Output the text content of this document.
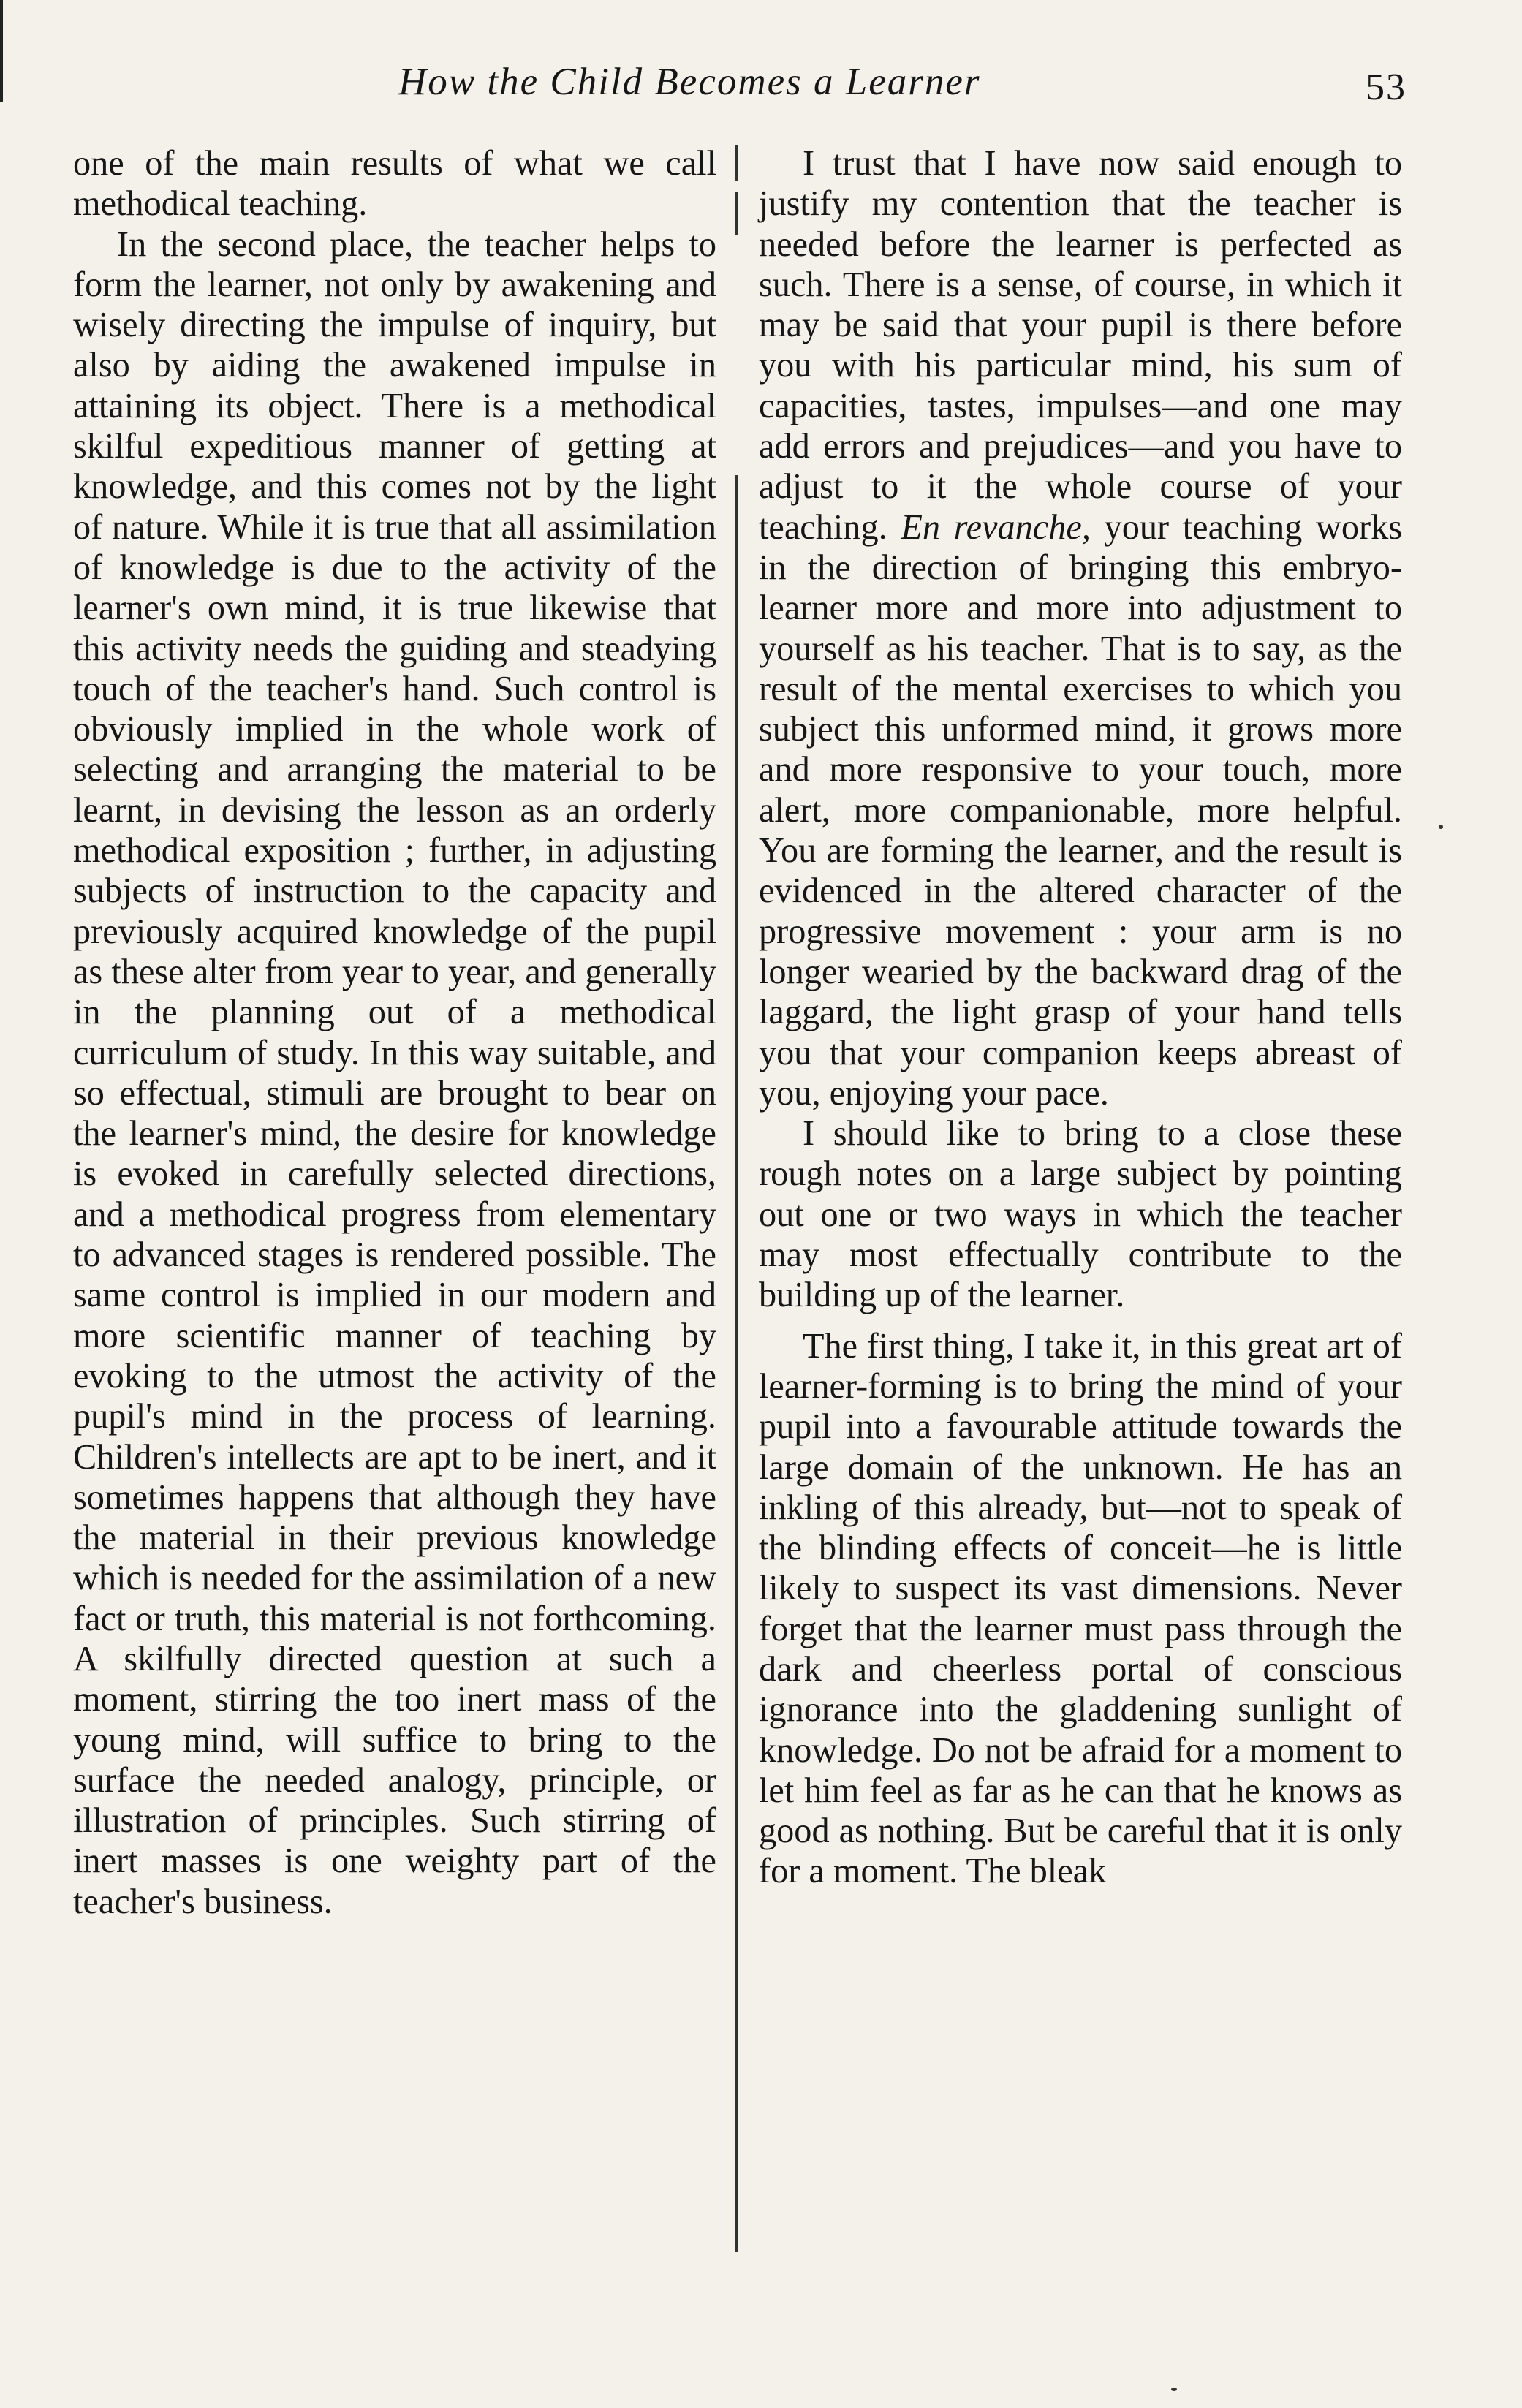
How the Child Becomes a Learner	53

one of the main results of what we call methodical teaching.

In the second place, the teacher helps to form the learner, not only by awakening and wisely directing the impulse of inquiry, but also by aiding the awakened impulse in attaining its object. There is a methodical skilful expeditious manner of getting at knowledge, and this comes not by the light of nature. While it is true that all assimilation of knowledge is due to the activity of the learner's own mind, it is true likewise that this activity needs the guiding and steadying touch of the teacher's hand. Such control is obviously implied in the whole work of selecting and arranging the material to be learnt, in devising the lesson as an orderly methodical exposition ; further, in adjusting subjects of instruction to the capacity and previously acquired knowledge of the pupil as these alter from year to year, and generally in the planning out of a methodical curriculum of study. In this way suitable, and so effectual, stimuli are brought to bear on the learner's mind, the desire for knowledge is evoked in carefully selected directions, and a methodical progress from elementary to advanced stages is rendered possible. The same control is implied in our modern and more scientific manner of teaching by evoking to the utmost the activity of the pupil's mind in the process of learning. Children's intellects are apt to be inert, and it sometimes happens that although they have the material in their previous knowledge which is needed for the assimilation of a new fact or truth, this material is not forthcoming. A skilfully directed question at such a moment, stirring the too inert mass of the young mind, will suffice to bring to the surface the needed analogy, principle, or illustration of principles. Such stirring of inert masses is one weighty part of the teacher's business.

I trust that I have now said enough to justify my contention that the teacher is needed before the learner is perfected as such. There is a sense, of course, in which it may be said that your pupil is there before you with his particular mind, his sum of capacities, tastes, impulses—and one may add errors and prejudices—and you have to adjust to it the whole course of your teaching. En revanche, your teaching works in the direction of bringing this embryo-learner more and more into adjustment to yourself as his teacher. That is to say, as the result of the mental exercises to which you subject this unformed mind, it grows more and more responsive to your touch, more alert, more companionable, more helpful. You are forming the learner, and the result is evidenced in the altered character of the progressive movement : your arm is no longer wearied by the backward drag of the laggard, the light grasp of your hand tells you that your companion keeps abreast of you, enjoying your pace.

I should like to bring to a close these rough notes on a large subject by pointing out one or two ways in which the teacher may most effectually contribute to the building up of the learner.

The first thing, I take it, in this great art of learner-forming is to bring the mind of your pupil into a favourable attitude towards the large domain of the unknown. He has an inkling of this already, but—not to speak of the blinding effects of conceit—he is little likely to suspect its vast dimensions. Never forget that the learner must pass through the dark and cheerless portal of conscious ignorance into the gladdening sunlight of knowledge. Do not be afraid for a moment to let him feel as far as he can that he knows as good as nothing. But be careful that it is only for a moment. The bleak
